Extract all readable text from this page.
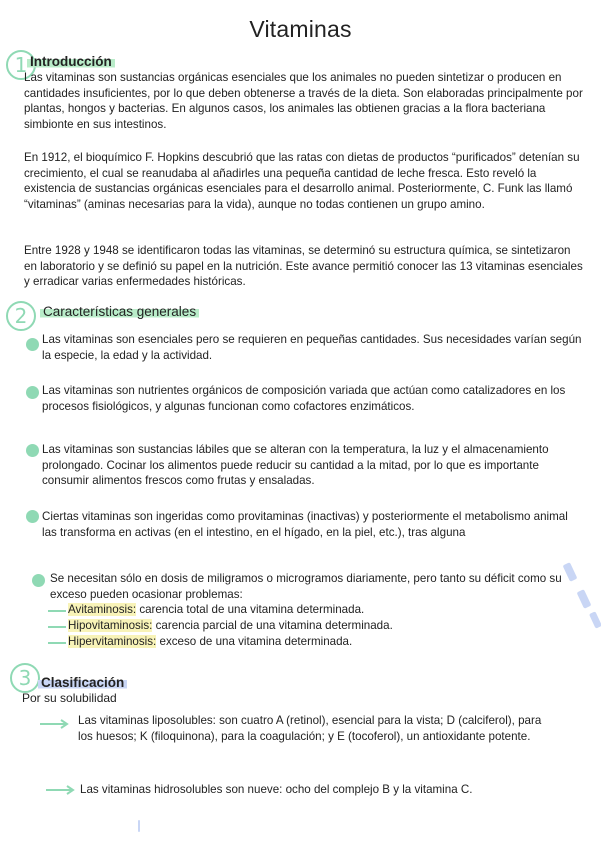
Vitaminas
1 Introducción

Las vitaminas son sustancias orgánicas esenciales que los animales no pueden sintetizar o producen en cantidades insuficientes, por lo que deben obtenerse a través de la dieta. Son elaboradas principalmente por plantas, hongos y bacterias. En algunos casos, los animales las obtienen gracias a la flora bacteriana simbionte en sus intestinos.

En 1912, el bioquímico F. Hopkins descubrió que las ratas con dietas de productos “purificados” detenían su crecimiento, el cual se reanudaba al añadirles una pequeña cantidad de leche fresca. Esto reveló la existencia de sustancias orgánicas esenciales para el desarrollo animal. Posteriormente, C. Funk las llamó “vitaminas” (aminas necesarias para la vida), aunque no todas contienen un grupo amino.

Entre 1928 y 1948 se identificaron todas las vitaminas, se determinó su estructura química, se sintetizaron en laboratorio y se definió su papel en la nutrición. Este avance permitió conocer las 13 vitaminas esenciales y erradicar varias enfermedades históricas.

2	Características generales

Las vitaminas son esenciales pero se requieren en pequeñas cantidades. Sus necesidades varían según la especie, la edad y la actividad.

Las vitaminas son nutrientes orgánicos de composición variada que actúan como catalizadores en los procesos fisiológicos, y algunas funcionan como cofactores enzimáticos.

Las vitaminas son sustancias lábiles que se alteran con la temperatura, la luz y el almacenamiento prolongado. Cocinar los alimentos puede reducir su cantidad a la mitad, por lo que es importante consumir alimentos frescos como frutas y ensaladas.

Ciertas vitaminas son ingeridas como provitaminas (inactivas) y posteriormente el metabolismo animal las transforma en activas (en el intestino, en el hígado, en la piel, etc.), tras alguna

Se necesitan sólo en dosis de miligramos o microgramos diariamente, pero tanto su déficit como su exceso pueden ocasionar problemas:

Avitaminosis: carencia total de una vitamina determinada.
Hipovitaminosis: carencia parcial de una vitamina determinada.
Hipervitaminosis: exceso de una vitamina determinada.
3 Clasificación
Por su solubilidad

Las vitaminas liposolubles: son cuatro A (retinol), esencial para la vista; D (calciferol), para los huesos; K (filoquinona), para la coagulación; y E (tocoferol), un antioxidante potente.

Las vitaminas hidrosolubles son nueve: ocho del complejo B y la vitamina C.
